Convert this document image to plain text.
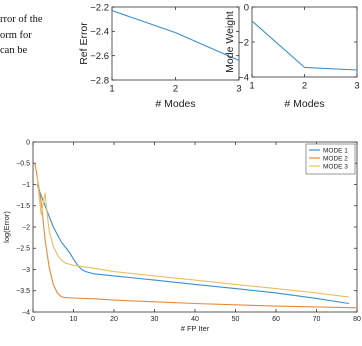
rror of the
orm for
can be
1	2	3
−2.2
−2.4
−2.6
−2.8
# Modes
Ref Error
1	2	3
0
−2
−4
# Modes
Mode Weight
0	10	20	30	40	50	60	70	80
0
−0.5
−1
−1.5
−2
−2.5
−3
−3.5
−4
# FP Iter
log(Error)
MODE 1
MODE 2
MODE 3
